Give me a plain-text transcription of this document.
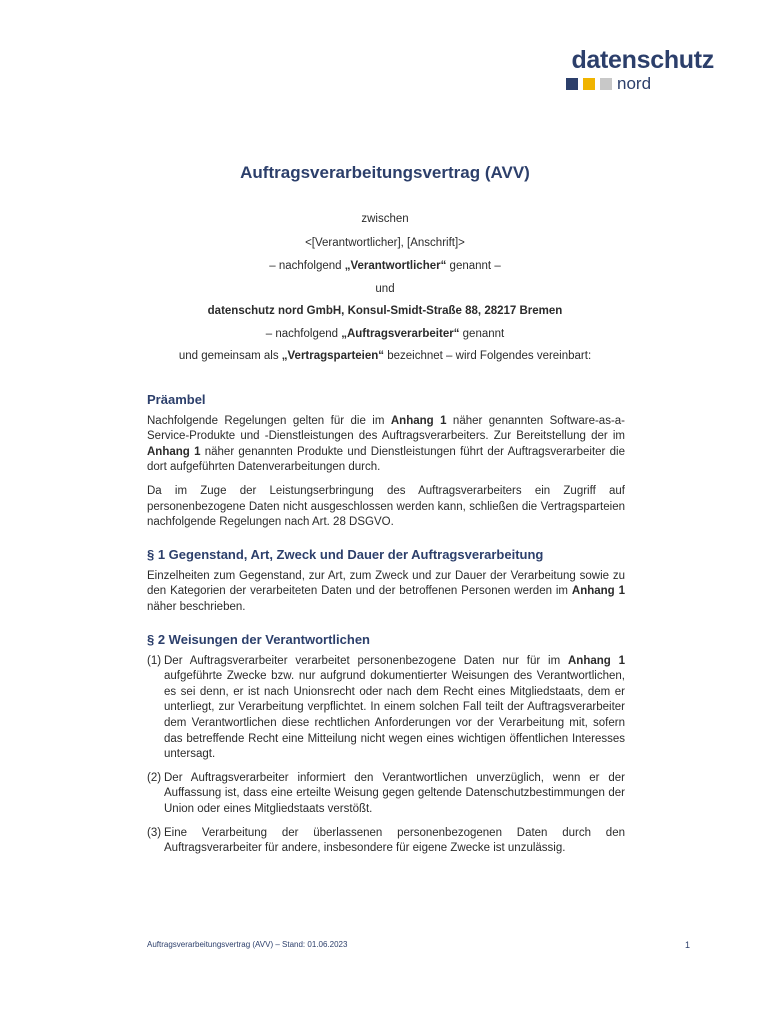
datenschutz
nord
Auftragsverarbeitungsvertrag (AVV)
zwischen
<[Verantwortlicher], [Anschrift]>
– nachfolgend „Verantwortlicher“ genannt –
und
datenschutz nord GmbH, Konsul-Smidt-Straße 88, 28217 Bremen
– nachfolgend „Auftragsverarbeiter“ genannt
und gemeinsam als „Vertragsparteien“ bezeichnet – wird Folgendes vereinbart:
Präambel

Nachfolgende Regelungen gelten für die im Anhang 1 näher genannten Software-as-a-Service-Produkte und -Dienstleistungen des Auftragsverarbeiters. Zur Bereitstellung der im Anhang 1 näher genannten Produkte und Dienstleistungen führt der Auftragsverarbeiter die dort aufgeführten Datenverarbeitungen durch.

Da im Zuge der Leistungserbringung des Auftragsverarbeiters ein Zugriff auf personenbezogene Daten nicht ausgeschlossen werden kann, schließen die Vertragsparteien nachfolgende Regelungen nach Art. 28 DSGVO.

§ 1 Gegenstand, Art, Zweck und Dauer der Auftragsverarbeitung

Einzelheiten zum Gegenstand, zur Art, zum Zweck und zur Dauer der Verarbeitung sowie zu den Kategorien der verarbeiteten Daten und der betroffenen Personen werden im Anhang 1 näher beschrieben.

§ 2 Weisungen der Verantwortlichen
(1) Der Auftragsverarbeiter verarbeitet personenbezogene Daten nur für im Anhang 1 aufgeführte Zwecke bzw. nur aufgrund dokumentierter Weisungen des Verantwortlichen, es sei denn, er ist nach Unionsrecht oder nach dem Recht eines Mitgliedstaats, dem er unterliegt, zur Verarbeitung verpflichtet. In einem solchen Fall teilt der Auftragsverarbeiter dem Verantwortlichen diese rechtlichen Anforderungen vor der Verarbeitung mit, sofern das betreffende Recht eine Mitteilung nicht wegen eines wichtigen öffentlichen Interesses untersagt.
(2) Der Auftragsverarbeiter informiert den Verantwortlichen unverzüglich, wenn er der Auffassung ist, dass eine erteilte Weisung gegen geltende Datenschutzbestimmungen der Union oder eines Mitgliedstaats verstößt.
(3) Eine Verarbeitung der überlassenen personenbezogenen Daten durch den Auftragsverarbeiter für andere, insbesondere für eigene Zwecke ist unzulässig.
Auftragsverarbeitungsvertrag (AVV) – Stand: 01.06.2023	1
